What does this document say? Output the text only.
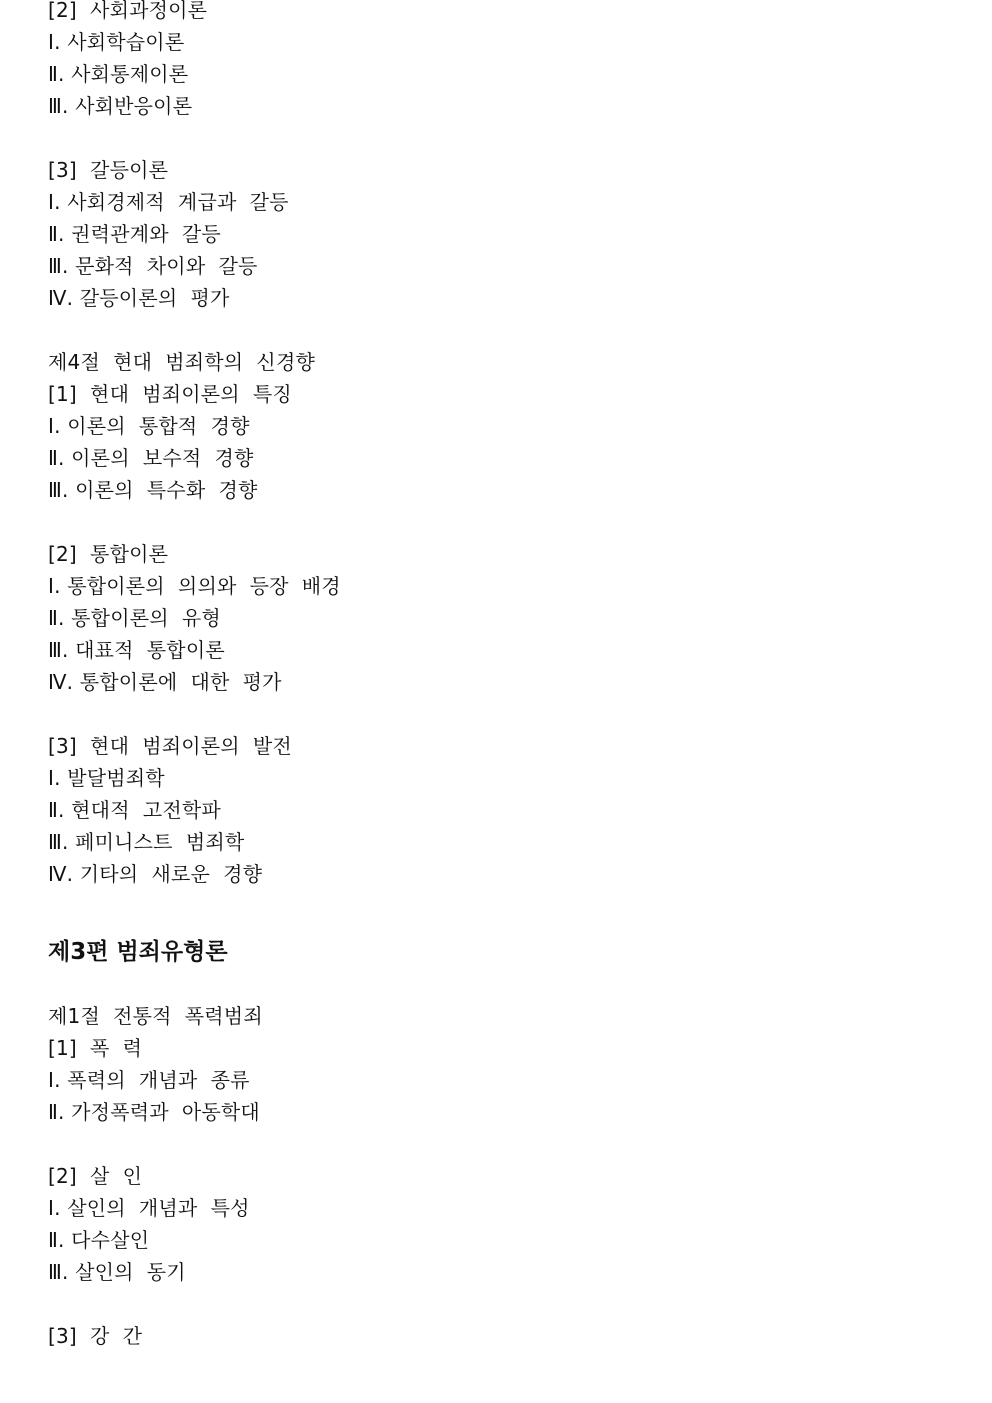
[2]  사회과정이론
Ⅰ. 사회학습이론
Ⅱ. 사회통제이론
Ⅲ. 사회반응이론
[3]  갈등이론
Ⅰ. 사회경제적  계급과  갈등
Ⅱ. 권력관계와  갈등
Ⅲ. 문화적  차이와  갈등
Ⅳ. 갈등이론의  평가
제4절  현대  범죄학의  신경향
[1]  현대  범죄이론의  특징
Ⅰ. 이론의  통합적  경향
Ⅱ. 이론의  보수적  경향
Ⅲ. 이론의  특수화  경향
[2]  통합이론
Ⅰ. 통합이론의  의의와  등장  배경
Ⅱ. 통합이론의  유형
Ⅲ. 대표적  통합이론
Ⅳ. 통합이론에  대한  평가
[3]  현대  범죄이론의  발전
Ⅰ. 발달범죄학
Ⅱ. 현대적  고전학파
Ⅲ. 페미니스트  범죄학
Ⅳ. 기타의  새로운  경향
제3편 범죄유형론
제1절  전통적  폭력범죄
[1]  폭  력
Ⅰ. 폭력의  개념과  종류
Ⅱ. 가정폭력과  아동학대
[2]  살  인
Ⅰ. 살인의  개념과  특성
Ⅱ. 다수살인
Ⅲ. 살인의  동기
[3]  강  간
